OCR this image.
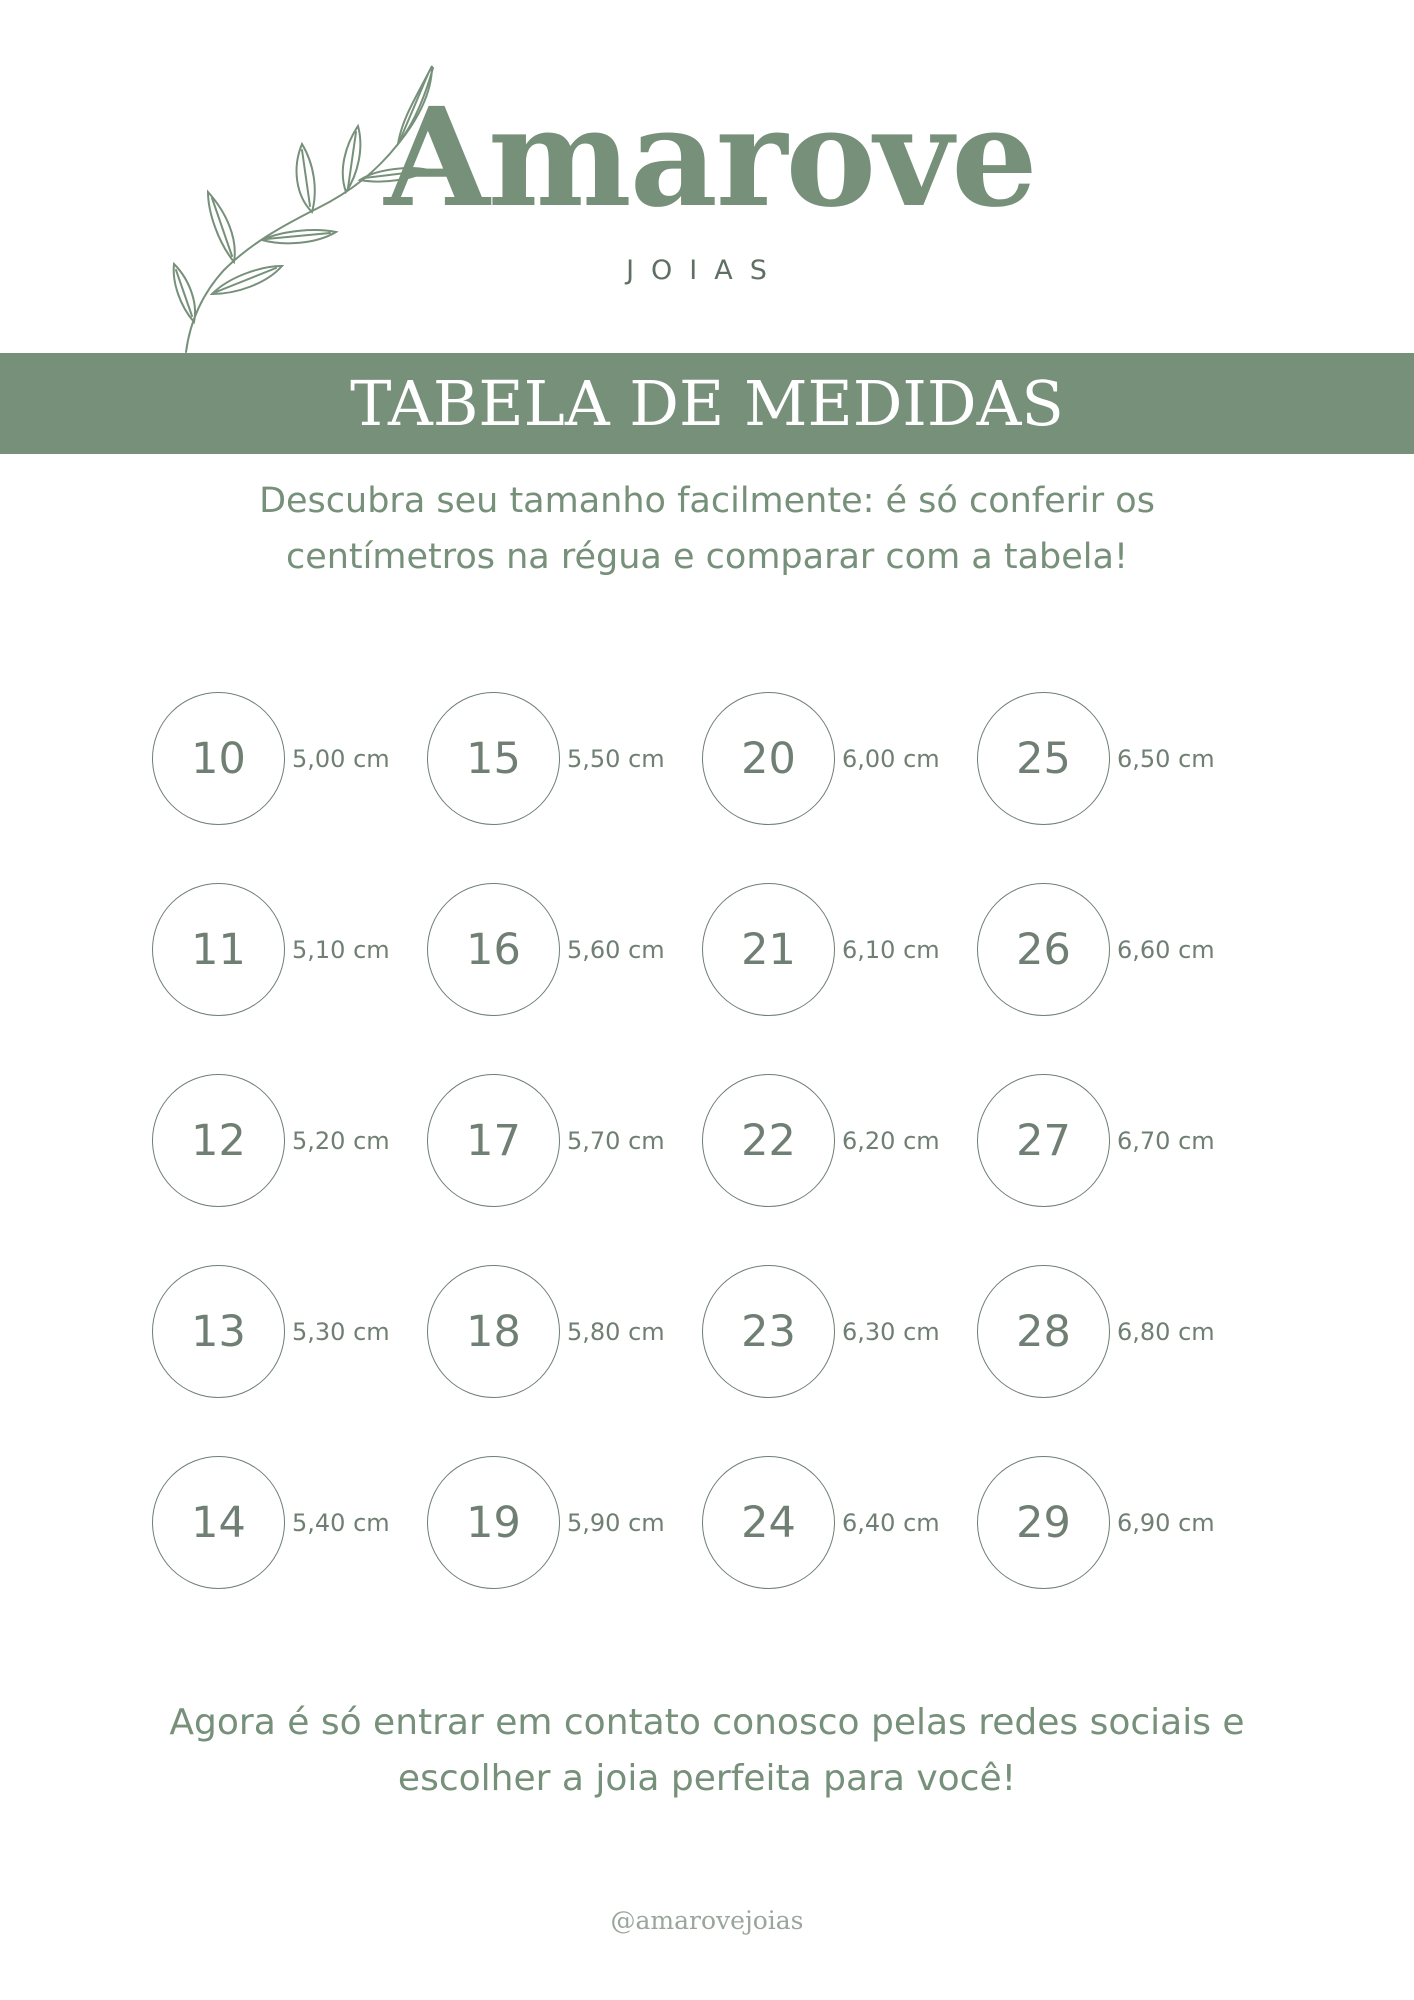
Amarove
JOIAS
TABELA DE MEDIDAS
Descubra seu tamanho facilmente: é só conferir os
centímetros na régua e comparar com a tabela!
10	5,00 cm	15	5,50 cm	20	6,00 cm	25	6,50 cm
11	5,10 cm	16	5,60 cm	21	6,10 cm	26	6,60 cm
12	5,20 cm	17	5,70 cm	22	6,20 cm	27	6,70 cm
13	5,30 cm	18	5,80 cm	23	6,30 cm	28	6,80 cm
14	5,40 cm	19	5,90 cm	24	6,40 cm	29	6,90 cm
Agora é só entrar em contato conosco pelas redes sociais e
escolher a joia perfeita para você!
@amarovejoias
